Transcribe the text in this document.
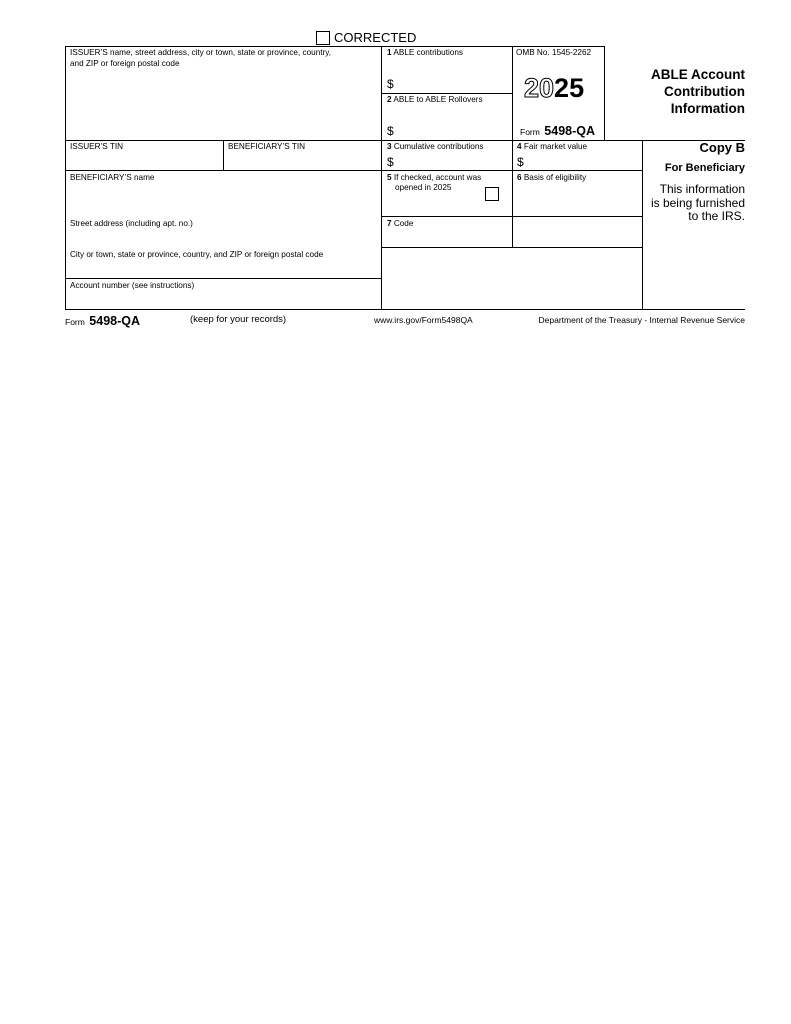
CORRECTED
ISSUER’S name, street address, city or town, state or province, country,
and ZIP or foreign postal code
1 ABLE contributions
$
2 ABLE to ABLE Rollovers
$
OMB No. 1545-2262
2025
Form 5498-QA
ABLE Account
Contribution
Information
ISSUER’S TIN	BENEFICIARY’S TIN	3 Cumulative contributions
$
4 Fair market value
$
Copy B
For Beneficiary
This information
is being furnished
to the IRS.
BENEFICIARY’S name
Street address (including apt. no.)
City or town, state or province, country, and ZIP or foreign postal code
Account number (see instructions)
5 If checked, account was
opened in 2025
6 Basis of eligibility
7 Code
Form 5498-QA	(keep for your records)	www.irs.gov/Form5498QA	Department of the Treasury - Internal Revenue Service
